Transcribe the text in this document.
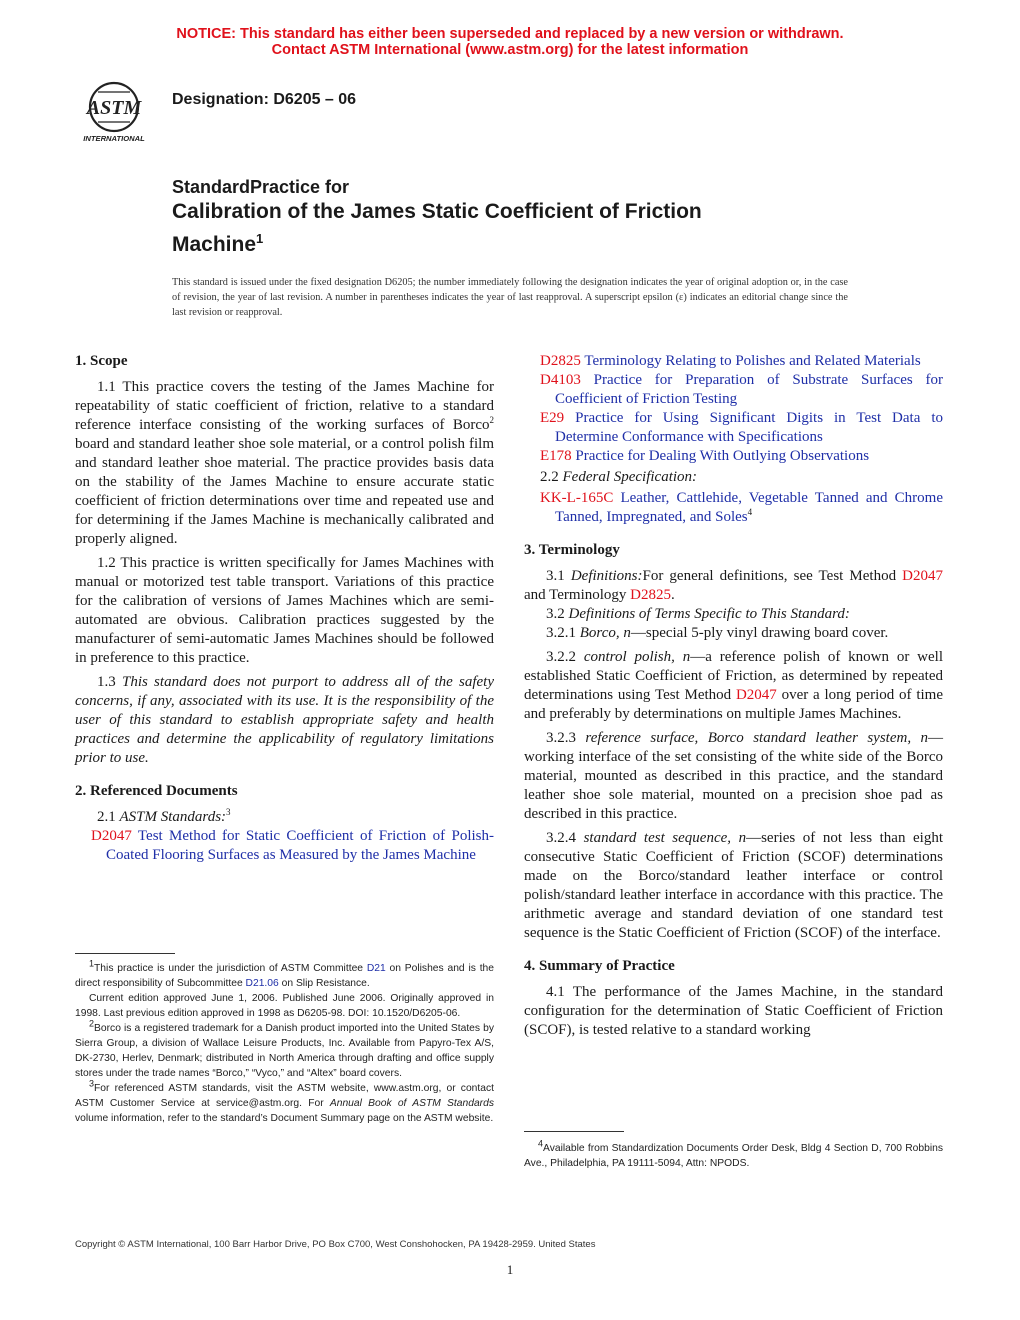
NOTICE: This standard has either been superseded and replaced by a new version or withdrawn.
Contact ASTM International (www.astm.org) for the latest information
ASTM
INTERNATIONAL
Designation: D6205 – 06
StandardPractice for
Calibration of the James Static Coefficient of Friction
Machine$^1$
This standard is issued under the fixed designation D6205; the number immediately following the designation indicates the year of original adoption or, in the case of revision, the year of last revision. A number in parentheses indicates the year of last reapproval. A superscript epsilon (ε) indicates an editorial change since the last revision or reapproval.
1. Scope

1.1 This practice covers the testing of the James Machine for repeatability of static coefficient of friction, relative to a standard reference interface consisting of the working surfaces of Borco$^2$ board and standard leather shoe sole material, or a control polish film and standard leather shoe material. The practice provides basis data on the stability of the James Machine to ensure accurate static coefficient of friction determinations over time and repeated use and for determining if the James Machine is mechanically calibrated and properly aligned.

1.2 This practice is written specifically for James Machines with manual or motorized test table transport. Variations of this practice for the calibration of versions of James Machines which are semi-automated are obvious. Calibration practices suggested by the manufacturer of semi-automatic James Machines should be followed in preference to this practice.

1.3 This standard does not purport to address all of the safety concerns, if any, associated with its use. It is the responsibility of the user of this standard to establish appropriate safety and health practices and determine the applicability of regulatory limitations prior to use.

2. Referenced Documents

2.1 ASTM Standards:$^3$

D2047 Test Method for Static Coefficient of Friction of Polish-Coated Flooring Surfaces as Measured by the James Machine

D2825 Terminology Relating to Polishes and Related Materials

D4103 Practice for Preparation of Substrate Surfaces for Coefficient of Friction Testing

E29 Practice for Using Significant Digits in Test Data to Determine Conformance with Specifications

E178 Practice for Dealing With Outlying Observations

2.2 Federal Specification:

KK-L-165C Leather, Cattlehide, Vegetable Tanned and Chrome Tanned, Impregnated, and Soles$^4$

3. Terminology

3.1 Definitions:For general definitions, see Test Method D2047 and Terminology D2825.

3.2 Definitions of Terms Specific to This Standard:

3.2.1 Borco, n—special 5-ply vinyl drawing board cover.

3.2.2 control polish, n—a reference polish of known or well established Static Coefficient of Friction, as determined by repeated determinations using Test Method D2047 over a long period of time and preferably by determinations on multiple James Machines.

3.2.3 reference surface, Borco standard leather system, n—working interface of the set consisting of the white side of the Borco material, mounted as described in this practice, and the standard leather shoe sole material, mounted on a precision shoe pad as described in this practice.

3.2.4 standard test sequence, n—series of not less than eight consecutive Static Coefficient of Friction (SCOF) determinations made on the Borco/standard leather interface or control polish/standard leather interface in accordance with this practice. The arithmetic average and standard deviation of one standard test sequence is the Static Coefficient of Friction (SCOF) of the interface.

4. Summary of Practice

4.1 The performance of the James Machine, in the standard configuration for the determination of Static Coefficient of Friction (SCOF), is tested relative to a standard working

$^1$This practice is under the jurisdiction of ASTM Committee D21 on Polishes and is the direct responsibility of Subcommittee D21.06 on Slip Resistance.

Current edition approved June 1, 2006. Published June 2006. Originally approved in 1998. Last previous edition approved in 1998 as D6205-98. DOI: 10.1520/D6205-06.

$^2$Borco is a registered trademark for a Danish product imported into the United States by Sierra Group, a division of Wallace Leisure Products, Inc. Available from Papyro-Tex A/S, DK-2730, Herlev, Denmark; distributed in North America through drafting and office supply stores under the trade names “Borco,” “Vyco,” and “Altex” board covers.

$^3$For referenced ASTM standards, visit the ASTM website, www.astm.org, or contact ASTM Customer Service at service@astm.org. For Annual Book of ASTM Standards volume information, refer to the standard’s Document Summary page on the ASTM website.

$^4$Available from Standardization Documents Order Desk, Bldg 4 Section D, 700 Robbins Ave., Philadelphia, PA 19111-5094, Attn: NPODS.

Copyright © ASTM International, 100 Barr Harbor Drive, PO Box C700, West Conshohocken, PA 19428-2959. United States
1
